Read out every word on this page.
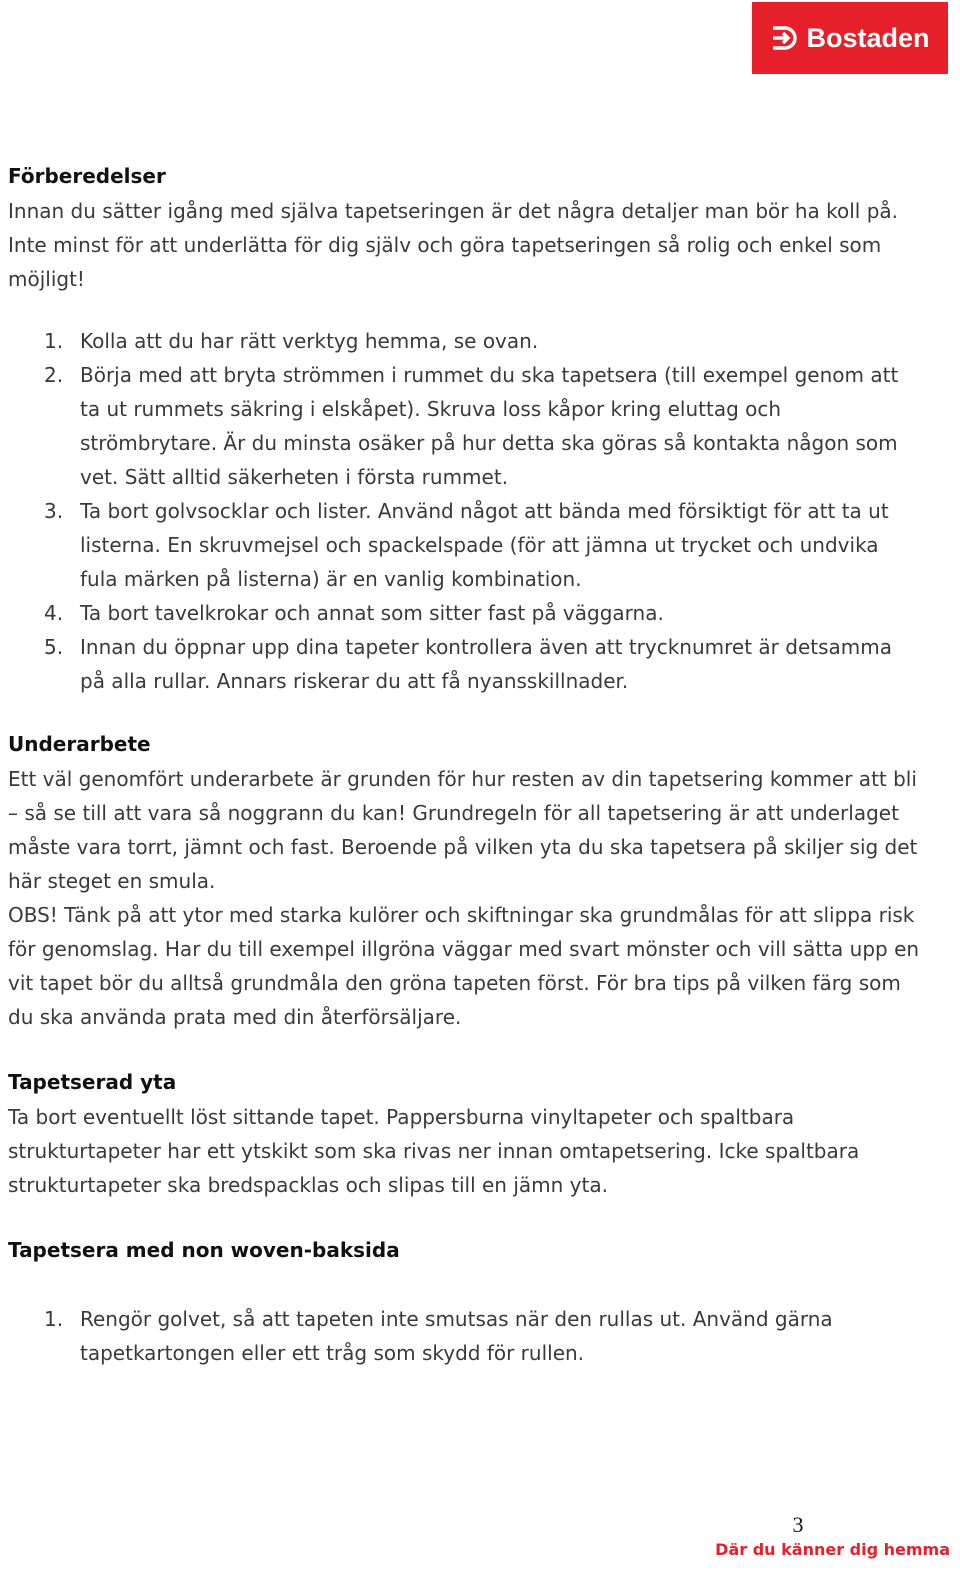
Bostaden
Förberedelser

Innan du sätter igång med själva tapetseringen är det några detaljer man bör ha koll på. Inte minst för att underlätta för dig själv och göra tapetseringen så rolig och enkel som möjligt!

1. Kolla att du har rätt verktyg hemma, se ovan.
2. Börja med att bryta strömmen i rummet du ska tapetsera (till exempel genom att ta ut rummets säkring i elskåpet). Skruva loss kåpor kring eluttag och strömbrytare. Är du minsta osäker på hur detta ska göras så kontakta någon som vet. Sätt alltid säkerheten i första rummet.
3. Ta bort golvsocklar och lister. Använd något att bända med försiktigt för att ta ut listerna. En skruvmejsel och spackelspade (för att jämna ut trycket och undvika fula märken på listerna) är en vanlig kombination.
4. Ta bort tavelkrokar och annat som sitter fast på väggarna.
5. Innan du öppnar upp dina tapeter kontrollera även att trycknumret är detsamma på alla rullar. Annars riskerar du att få nyansskillnader.
Underarbete

Ett väl genomfört underarbete är grunden för hur resten av din tapetsering kommer att bli – så se till att vara så noggrann du kan! Grundregeln för all tapetsering är att underlaget måste vara torrt, jämnt och fast. Beroende på vilken yta du ska tapetsera på skiljer sig det här steget en smula.

OBS! Tänk på att ytor med starka kulörer och skiftningar ska grundmålas för att slippa risk för genomslag. Har du till exempel illgröna väggar med svart mönster och vill sätta upp en vit tapet bör du alltså grundmåla den gröna tapeten först. För bra tips på vilken färg som du ska använda prata med din återförsäljare.

Tapetserad yta

Ta bort eventuellt löst sittande tapet. Pappersburna vinyltapeter och spaltbara strukturtapeter har ett ytskikt som ska rivas ner innan omtapetsering. Icke spaltbara strukturtapeter ska bredspacklas och slipas till en jämn yta.

Tapetsera med non woven-baksida
1. Rengör golvet, så att tapeten inte smutsas när den rullas ut. Använd gärna tapetkartongen eller ett tråg som skydd för rullen.
3
Där du känner dig hemma
